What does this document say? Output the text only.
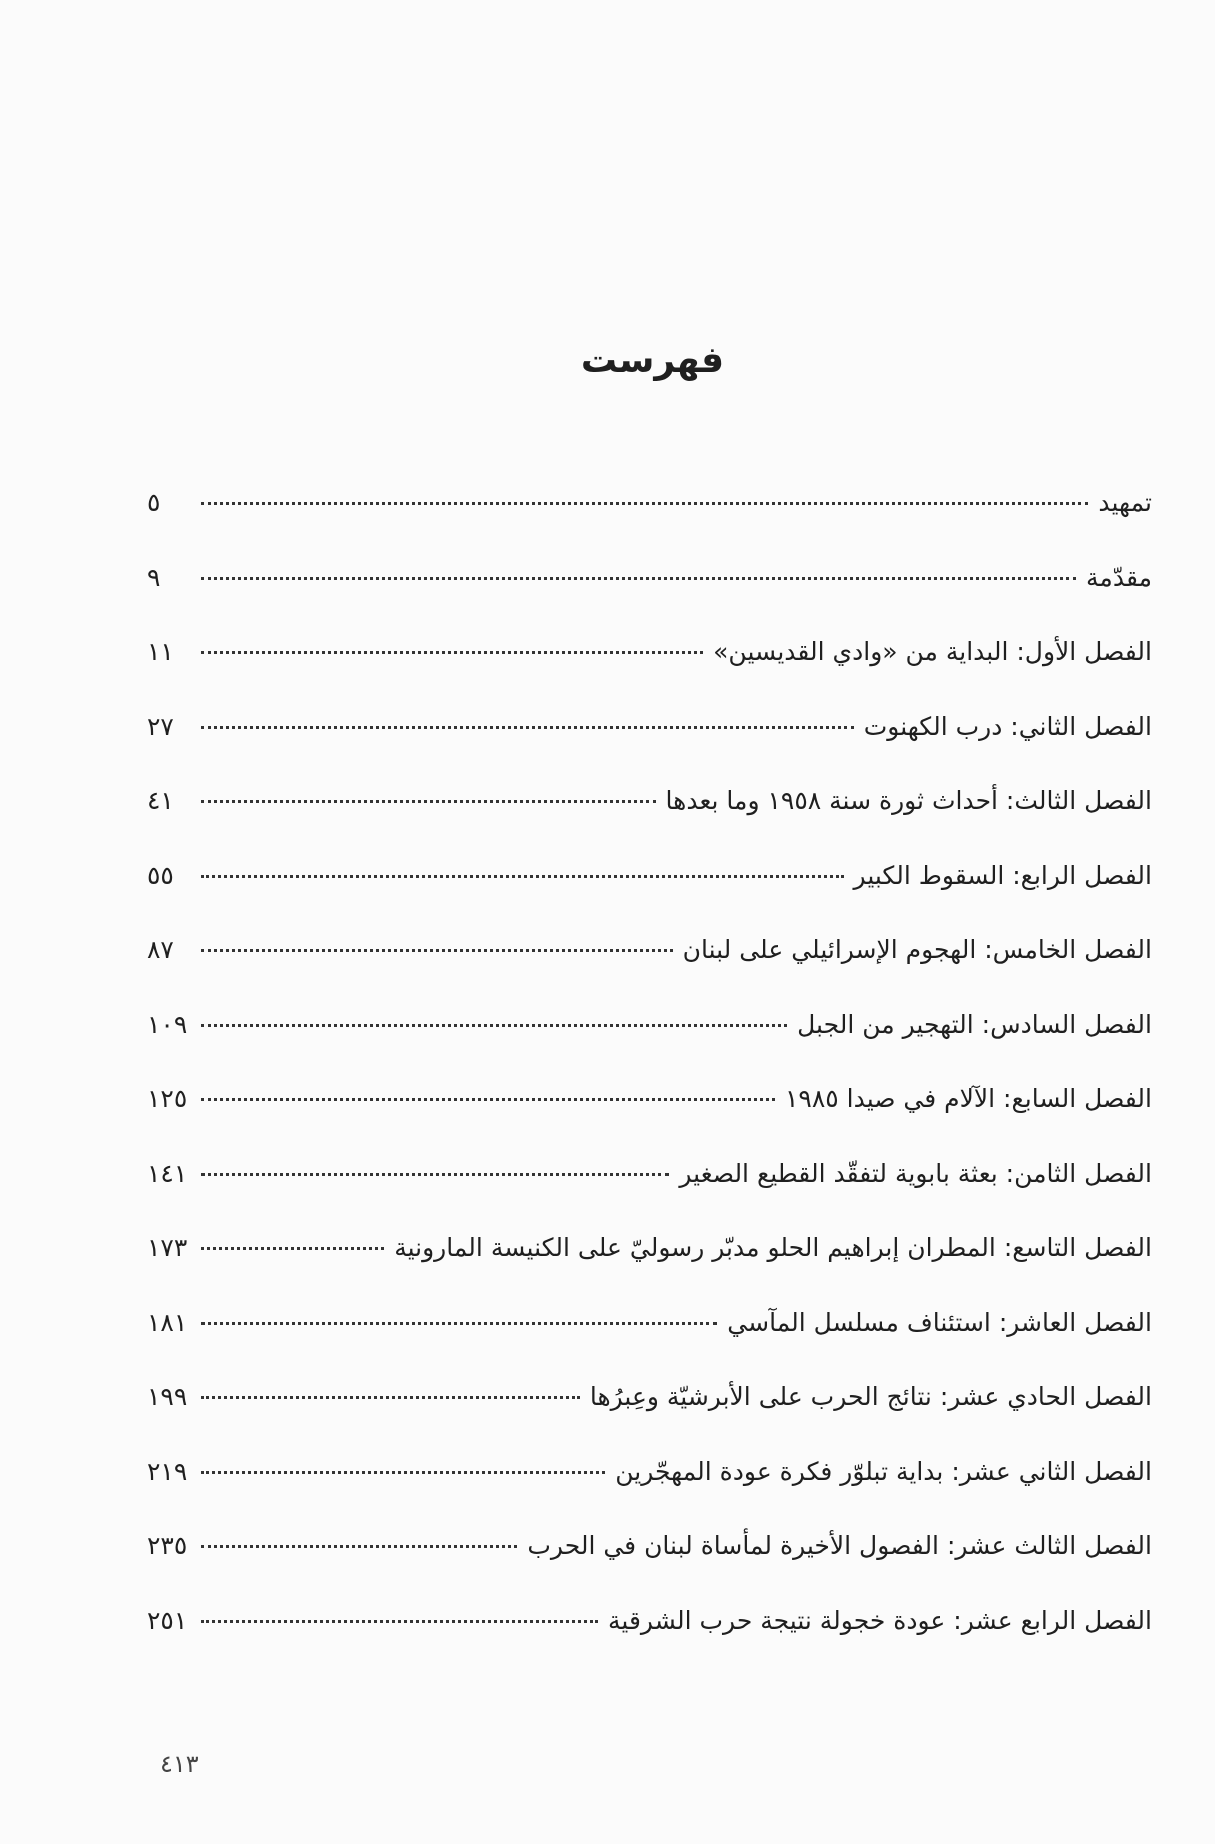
فهرست
تمهيد
٥
مقدّمة
٩
الفصل الأول: البداية من «وادي القديسين»
١١
الفصل الثاني: درب الكهنوت
٢٧
الفصل الثالث: أحداث ثورة سنة ١٩٥٨ وما بعدها
٤١
الفصل الرابع: السقوط الكبير
٥٥
الفصل الخامس: الهجوم الإسرائيلي على لبنان
٨٧
الفصل السادس: التهجير من الجبل
١٠٩
الفصل السابع: الآلام في صيدا ١٩٨٥
١٢٥
الفصل الثامن: بعثة بابوية لتفقّد القطيع الصغير
١٤١
الفصل التاسع: المطران إبراهيم الحلو مدبّر رسوليّ على الكنيسة المارونية
١٧٣
الفصل العاشر: استئناف مسلسل المآسي
١٨١
الفصل الحادي عشر: نتائج الحرب على الأبرشيّة وعِبرُها
١٩٩
الفصل الثاني عشر: بداية تبلوّر فكرة عودة المهجّرين
٢١٩
الفصل الثالث عشر: الفصول الأخيرة لمأساة لبنان في الحرب
٢٣٥
الفصل الرابع عشر: عودة خجولة نتيجة حرب الشرقية
٢٥١
٤١٣
